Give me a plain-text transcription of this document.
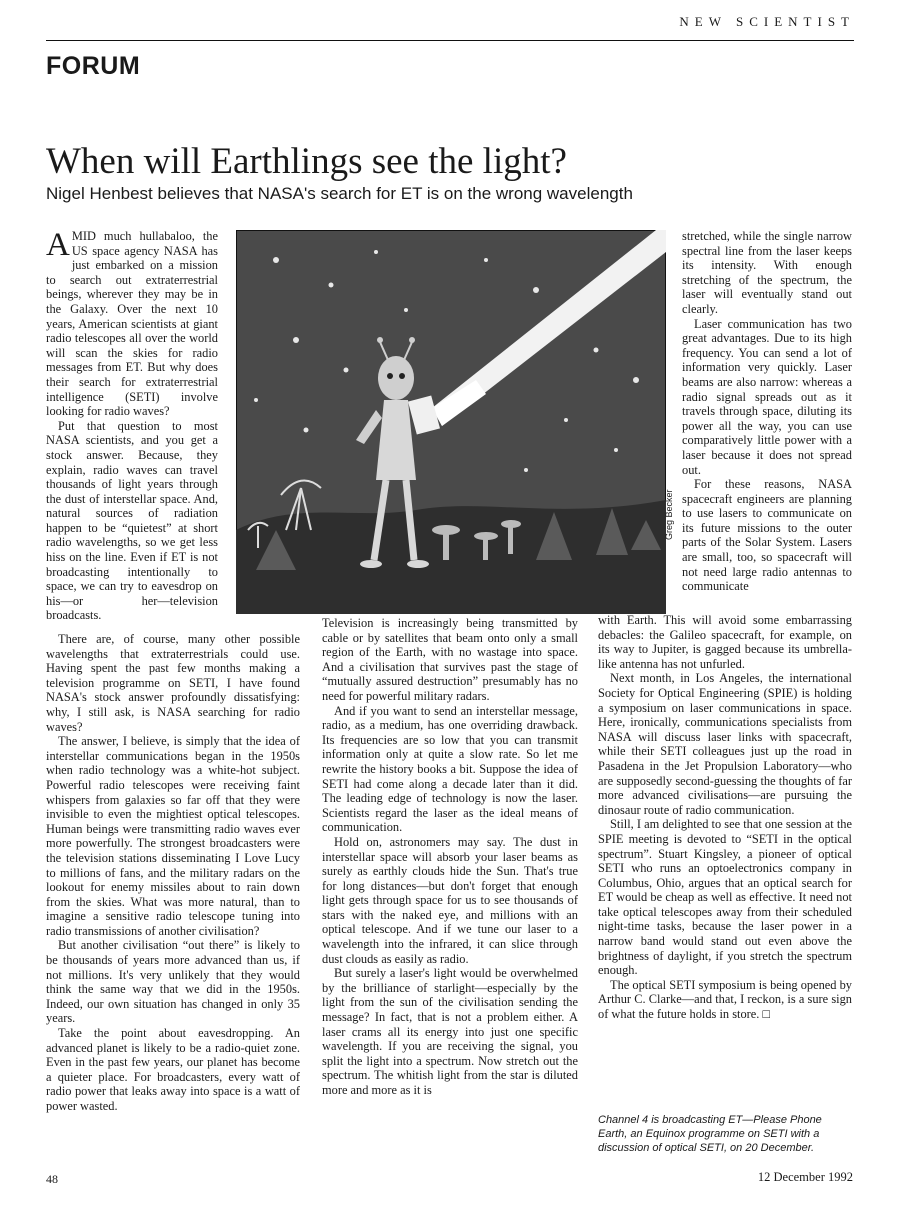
NEW SCIENTIST
FORUM
When will Earthlings see the light?
Nigel Henbest believes that NASA's search for ET is on the wrong wavelength
Greg Becker

AMID much hullabaloo, the US space agency NASA has just embarked on a mission to search out extraterrestrial beings, wherever they may be in the Galaxy. Over the next 10 years, American scientists at giant radio telescopes all over the world will scan the skies for radio messages from ET. But why does their search for extraterrestrial intelligence (SETI) involve looking for radio waves?

Put that question to most NASA scientists, and you get a stock answer. Because, they explain, radio waves can travel thousands of light years through the dust of interstellar space. And, natural sources of radiation happen to be “quietest” at short radio wavelengths, so we get less hiss on the line. Even if ET is not broadcasting intentionally to space, we can try to eavesdrop on his—or her—television broadcasts.

There are, of course, many other possible wavelengths that extraterrestrials could use. Having spent the past few months making a television programme on SETI, I have found NASA's stock answer profoundly dissatisfying: why, I still ask, is NASA searching for radio waves?

The answer, I believe, is simply that the idea of interstellar communications began in the 1950s when radio technology was a white-hot subject. Powerful radio telescopes were receiving faint whispers from galaxies so far off that they were invisible to even the mightiest optical telescopes. Human beings were transmitting radio waves ever more powerfully. The strongest broadcasters were the television stations disseminating I Love Lucy to millions of fans, and the military radars on the lookout for enemy missiles about to rain down from the skies. What was more natural, than to imagine a sensitive radio telescope tuning into radio transmissions of another civilisation?

But another civilisation “out there” is likely to be thousands of years more advanced than us, if not millions. It's very unlikely that they would think the same way that we did in the 1950s. Indeed, our own situation has changed in only 35 years.

Take the point about eavesdropping. An advanced planet is likely to be a radio-quiet zone. Even in the past few years, our planet has become a quieter place. For broadcasters, every watt of radio power that leaks away into space is a watt of power wasted.

Television is increasingly being transmitted by cable or by satellites that beam onto only a small region of the Earth, with no wastage into space. And a civilisation that survives past the stage of “mutually assured destruction” presumably has no need for powerful military radars.

And if you want to send an interstellar message, radio, as a medium, has one overriding drawback. Its frequencies are so low that you can transmit information only at quite a slow rate. So let me rewrite the history books a bit. Suppose the idea of SETI had come along a decade later than it did. The leading edge of technology is now the laser. Scientists regard the laser as the ideal means of communication.

Hold on, astronomers may say. The dust in interstellar space will absorb your laser beams as surely as earthly clouds hide the Sun. That's true for long distances—but don't forget that enough light gets through space for us to see thousands of stars with the naked eye, and millions with an optical telescope. And if we tune our laser to a wavelength into the infrared, it can slice through dust clouds as easily as radio.

But surely a laser's light would be overwhelmed by the brilliance of starlight—especially by the light from the sun of the civilisation sending the message? In fact, that is not a problem either. A laser crams all its energy into just one specific wavelength. If you are receiving the signal, you split the light into a spectrum. Now stretch out the spectrum. The whitish light from the star is diluted more and more as it is

stretched, while the single narrow spectral line from the laser keeps its intensity. With enough stretching of the spectrum, the laser will eventually stand out clearly.

Laser communication has two great advantages. Due to its high frequency. You can send a lot of information very quickly. Laser beams are also narrow: whereas a radio signal spreads out as it travels through space, diluting its power all the way, you can use comparatively little power with a laser because it does not spread out.

For these reasons, NASA spacecraft engineers are planning to use lasers to communicate on its future missions to the outer parts of the Solar System. Lasers are small, too, so spacecraft will not need large radio antennas to communicate

with Earth. This will avoid some embarrassing debacles: the Galileo spacecraft, for example, on its way to Jupiter, is gagged because its umbrella-like antenna has not unfurled.

Next month, in Los Angeles, the international Society for Optical Engineering (SPIE) is holding a symposium on laser communications in space. Here, ironically, communications specialists from NASA will discuss laser links with spacecraft, while their SETI colleagues just up the road in Pasadena in the Jet Propulsion Laboratory—who are supposedly second-guessing the thoughts of far more advanced civilisations—are pursuing the dinosaur route of radio communication.

Still, I am delighted to see that one session at the SPIE meeting is devoted to “SETI in the optical spectrum”. Stuart Kingsley, a pioneer of optical SETI who runs an optoelectronics company in Columbus, Ohio, argues that an optical search for ET would be cheap as well as effective. It need not take optical telescopes away from their scheduled night-time tasks, because the laser power in a narrow band would stand out even above the brightness of daylight, if you stretch the spectrum enough.

The optical SETI symposium is being opened by Arthur C. Clarke—and that, I reckon, is a sure sign of what the future holds in store. □

Channel 4 is broadcasting ET—Please Phone Earth, an Equinox programme on SETI with a discussion of optical SETI, on 20 December.
48	12 December 1992
